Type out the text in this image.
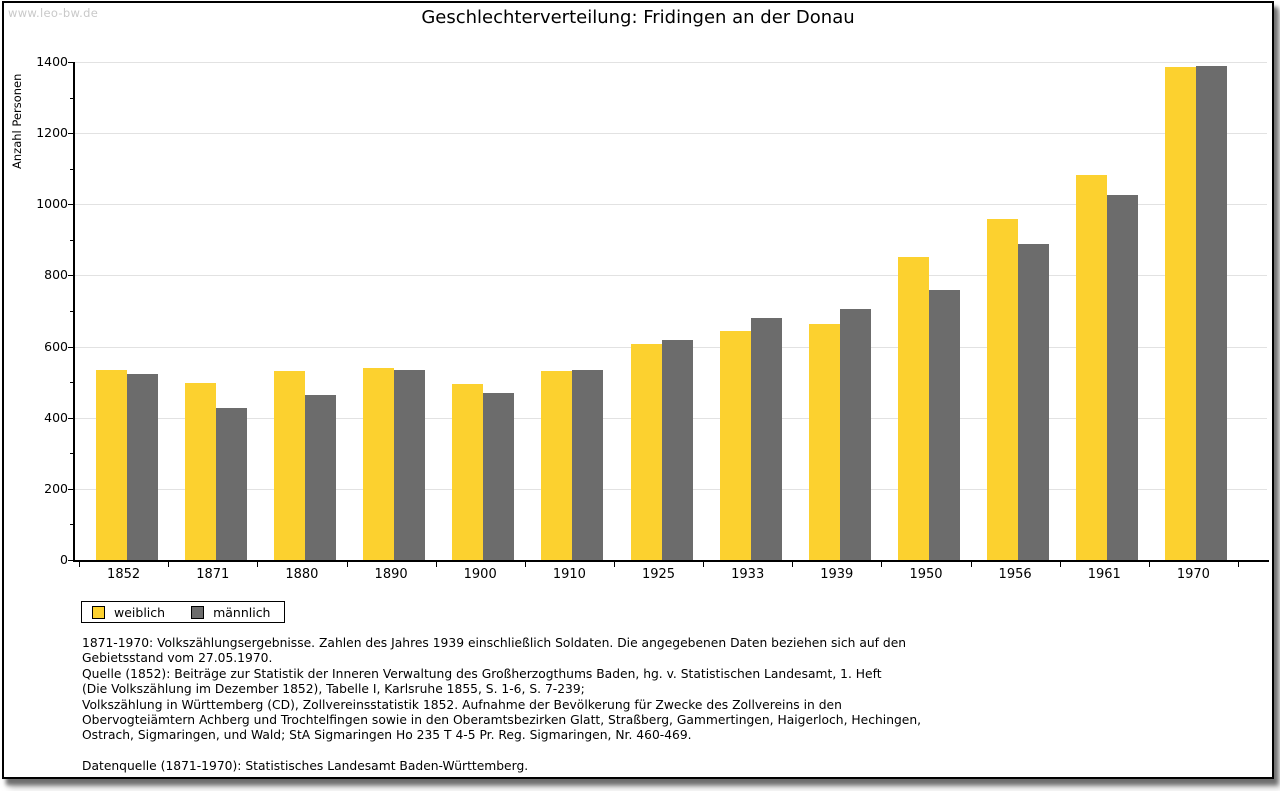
www.leo-bw.de	Geschlechterverteilung: Fridingen an der Donau
Anzahl Personen
0
200
400
600
800
1000
1200
1400
1852	1871	1880	1890	1900	1910	1925	1933	1939	1950	1956	1961	1970
weiblich	männlich
1871-1970: Volkszählungsergebnisse. Zahlen des Jahres 1939 einschließlich Soldaten. Die angegebenen Daten beziehen sich auf den
Gebietsstand vom 27.05.1970.
Quelle (1852): Beiträge zur Statistik der Inneren Verwaltung des Großherzogthums Baden, hg. v. Statistischen Landesamt, 1. Heft
(Die Volkszählung im Dezember 1852), Tabelle I, Karlsruhe 1855, S. 1-6, S. 7-239;
Volkszählung in Württemberg (CD), Zollvereinsstatistik 1852. Aufnahme der Bevölkerung für Zwecke des Zollvereins in den
Obervogteiämtern Achberg und Trochtelfingen sowie in den Oberamtsbezirken Glatt, Straßberg, Gammertingen, Haigerloch, Hechingen,
Ostrach, Sigmaringen, und Wald; StA Sigmaringen Ho 235 T 4-5 Pr. Reg. Sigmaringen, Nr. 460-469.
Datenquelle (1871-1970): Statistisches Landesamt Baden-Württemberg.
